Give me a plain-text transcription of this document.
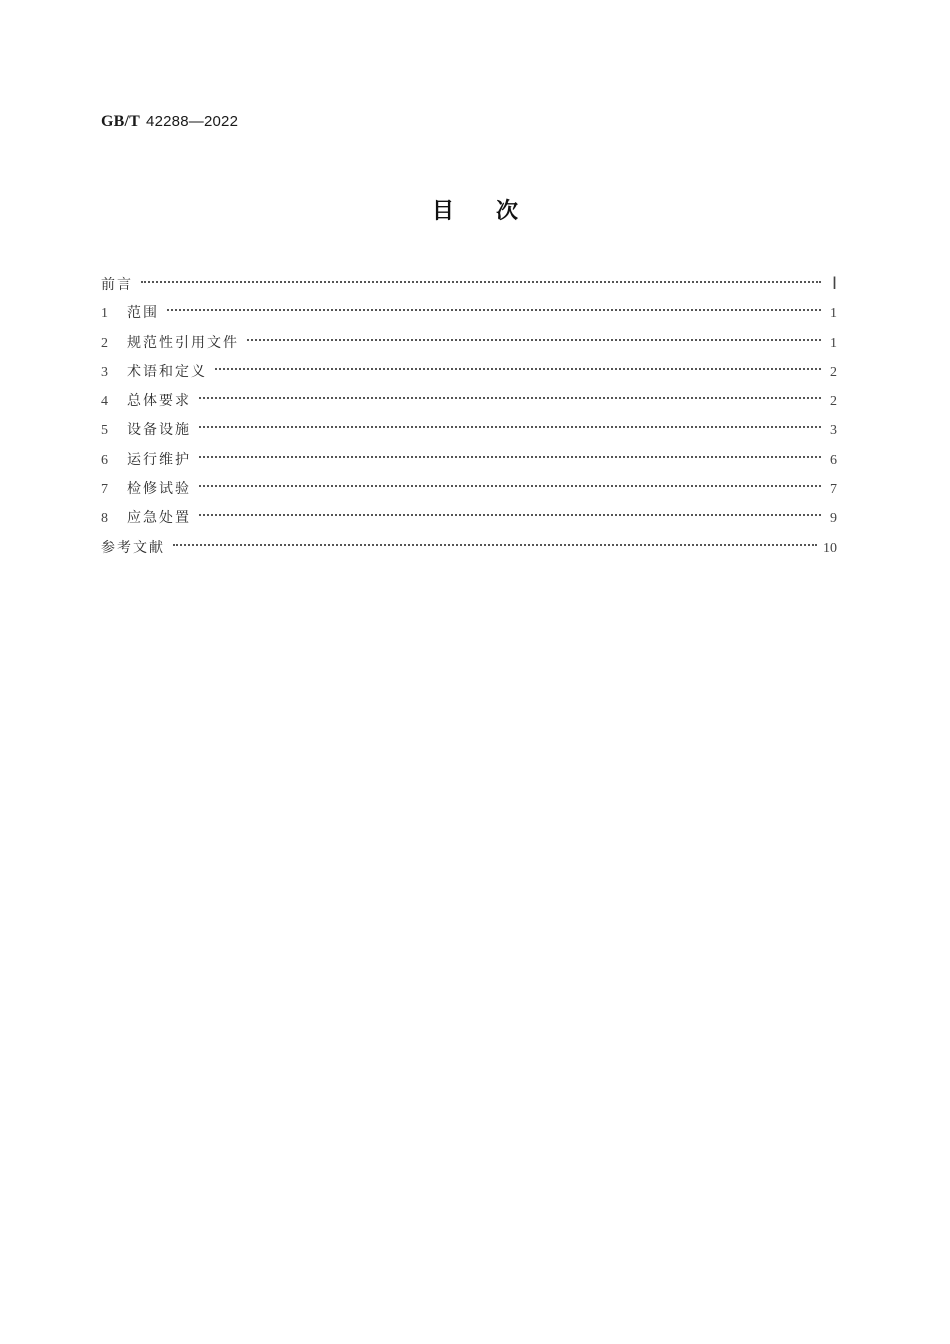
GB/T 42288—2022
目 次
前言	Ⅰ
1	范围	1
2	规范性引用文件	1
3	术语和定义	2
4	总体要求	2
5	设备设施	3
6	运行维护	6
7	检修试验	7
8	应急处置	9
参考文献	10
